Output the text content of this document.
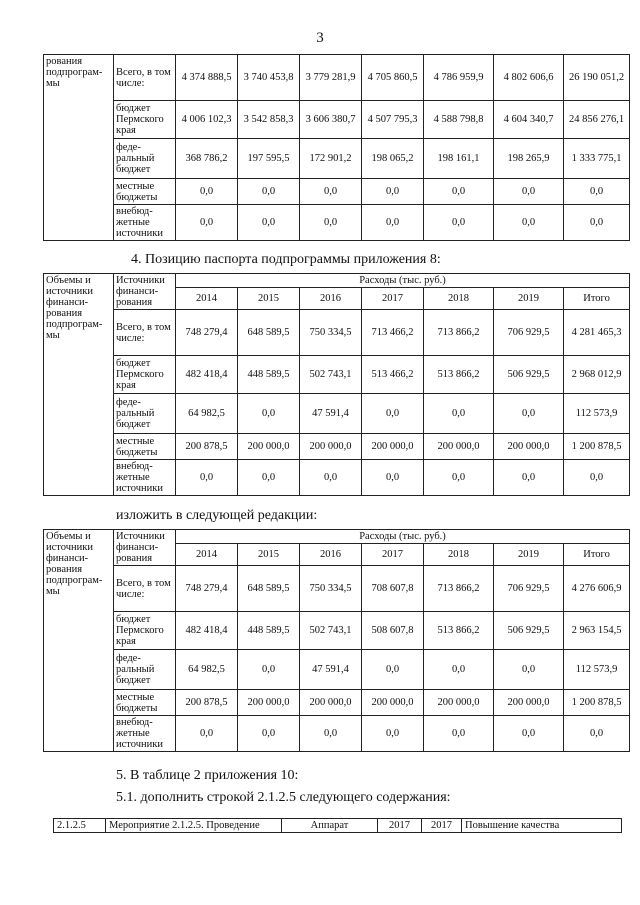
3
рования подпрограм-мы	Всего, в том числе:	4 374 888,5	3 740 453,8	3 779 281,9	4 705 860,5	4 786 959,9	4 802 606,6	26 190 051,2
	бюджет Пермского края	4 006 102,3	3 542 858,3	3 606 380,7	4 507 795,3	4 588 798,8	4 604 340,7	24 856 276,1
	феде-ральный бюджет	368 786,2	197 595,5	172 901,2	198 065,2	198 161,1	198 265,9	1 333 775,1
	местные бюджеты	0,0	0,0	0,0	0,0	0,0	0,0	0,0
	внебюд-жетные источники	0,0	0,0	0,0	0,0	0,0	0,0	0,0
4. Позицию паспорта подпрограммы приложения 8:
Объемы и источники финанси-рования подпрограм-мы	Источники финанси-рования	Расходы (тыс. руб.)						
		2014	2015	2016	2017	2018	2019	Итого
	Всего, в том числе:	748 279,4	648 589,5	750 334,5	713 466,2	713 866,2	706 929,5	4 281 465,3
	бюджет Пермского края	482 418,4	448 589,5	502 743,1	513 466,2	513 866,2	506 929,5	2 968 012,9
	феде-ральный бюджет	64 982,5	0,0	47 591,4	0,0	0,0	0,0	112 573,9
	местные бюджеты	200 878,5	200 000,0	200 000,0	200 000,0	200 000,0	200 000,0	1 200 878,5
	внебюд-жетные источники	0,0	0,0	0,0	0,0	0,0	0,0	0,0
изложить в следующей редакции:
Объемы и источники финанси-рования подпрограм-мы	Источники финанси-рования	Расходы (тыс. руб.)						
		2014	2015	2016	2017	2018	2019	Итого
	Всего, в том числе:	748 279,4	648 589,5	750 334,5	708 607,8	713 866,2	706 929,5	4 276 606,9
	бюджет Пермского края	482 418,4	448 589,5	502 743,1	508 607,8	513 866,2	506 929,5	2 963 154,5
	феде-ральный бюджет	64 982,5	0,0	47 591,4	0,0	0,0	0,0	112 573,9
	местные бюджеты	200 878,5	200 000,0	200 000,0	200 000,0	200 000,0	200 000,0	1 200 878,5
	внебюд-жетные источники	0,0	0,0	0,0	0,0	0,0	0,0	0,0
5. В таблице 2 приложения 10:
5.1. дополнить строкой 2.1.2.5 следующего содержания:
2.1.2.5	Мероприятие 2.1.2.5. Проведение	Аппарат	2017	2017	Повышение качества
